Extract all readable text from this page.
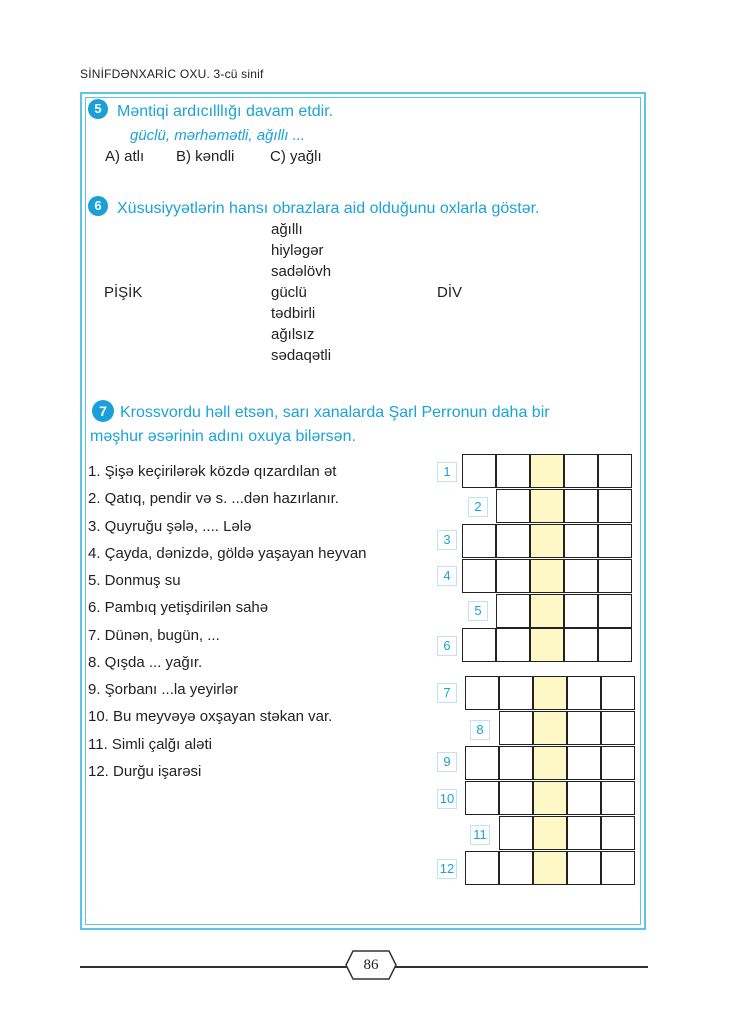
SİNİFDƏNXARİC OXU. 3-cü sinif
5 Məntiqi ardıcılllığı davam etdir.
güclü, mərhəmətli, ağıllı ...
A) atlı B) kəndli C) yağlı
6 Xüsusiyyətlərin hansı obrazlara aid olduğunu oxlarla göstər.
ağıllı
hiyləgər
sadəlövh
güclü
tədbirli
ağılsız
sədaqətli
PİŞİK	DİV
7 Krossvordu həll etsən, sarı xanalarda Şarl Perronun daha bir
məşhur əsərinin adını oxuya bilərsən.
1. Şişə keçirilərək közdə qızardılan ət
2. Qatıq, pendir və s. ...dən hazırlanır.
3. Quyruğu şələ, .... Lələ
4. Çayda, dənizdə, göldə yaşayan heyvan
5. Donmuş su
6. Pambıq yetişdirilən sahə
7. Dünən, bugün, ...
8. Qışda ... yağır.
9. Şorbanı ...la yeyirlər
10. Bu meyvəyə oxşayan stəkan var.
11. Simli çalğı aləti
12. Durğu işarəsi
1
2
3
4
5
6
7
8
9
10
11
12
86
